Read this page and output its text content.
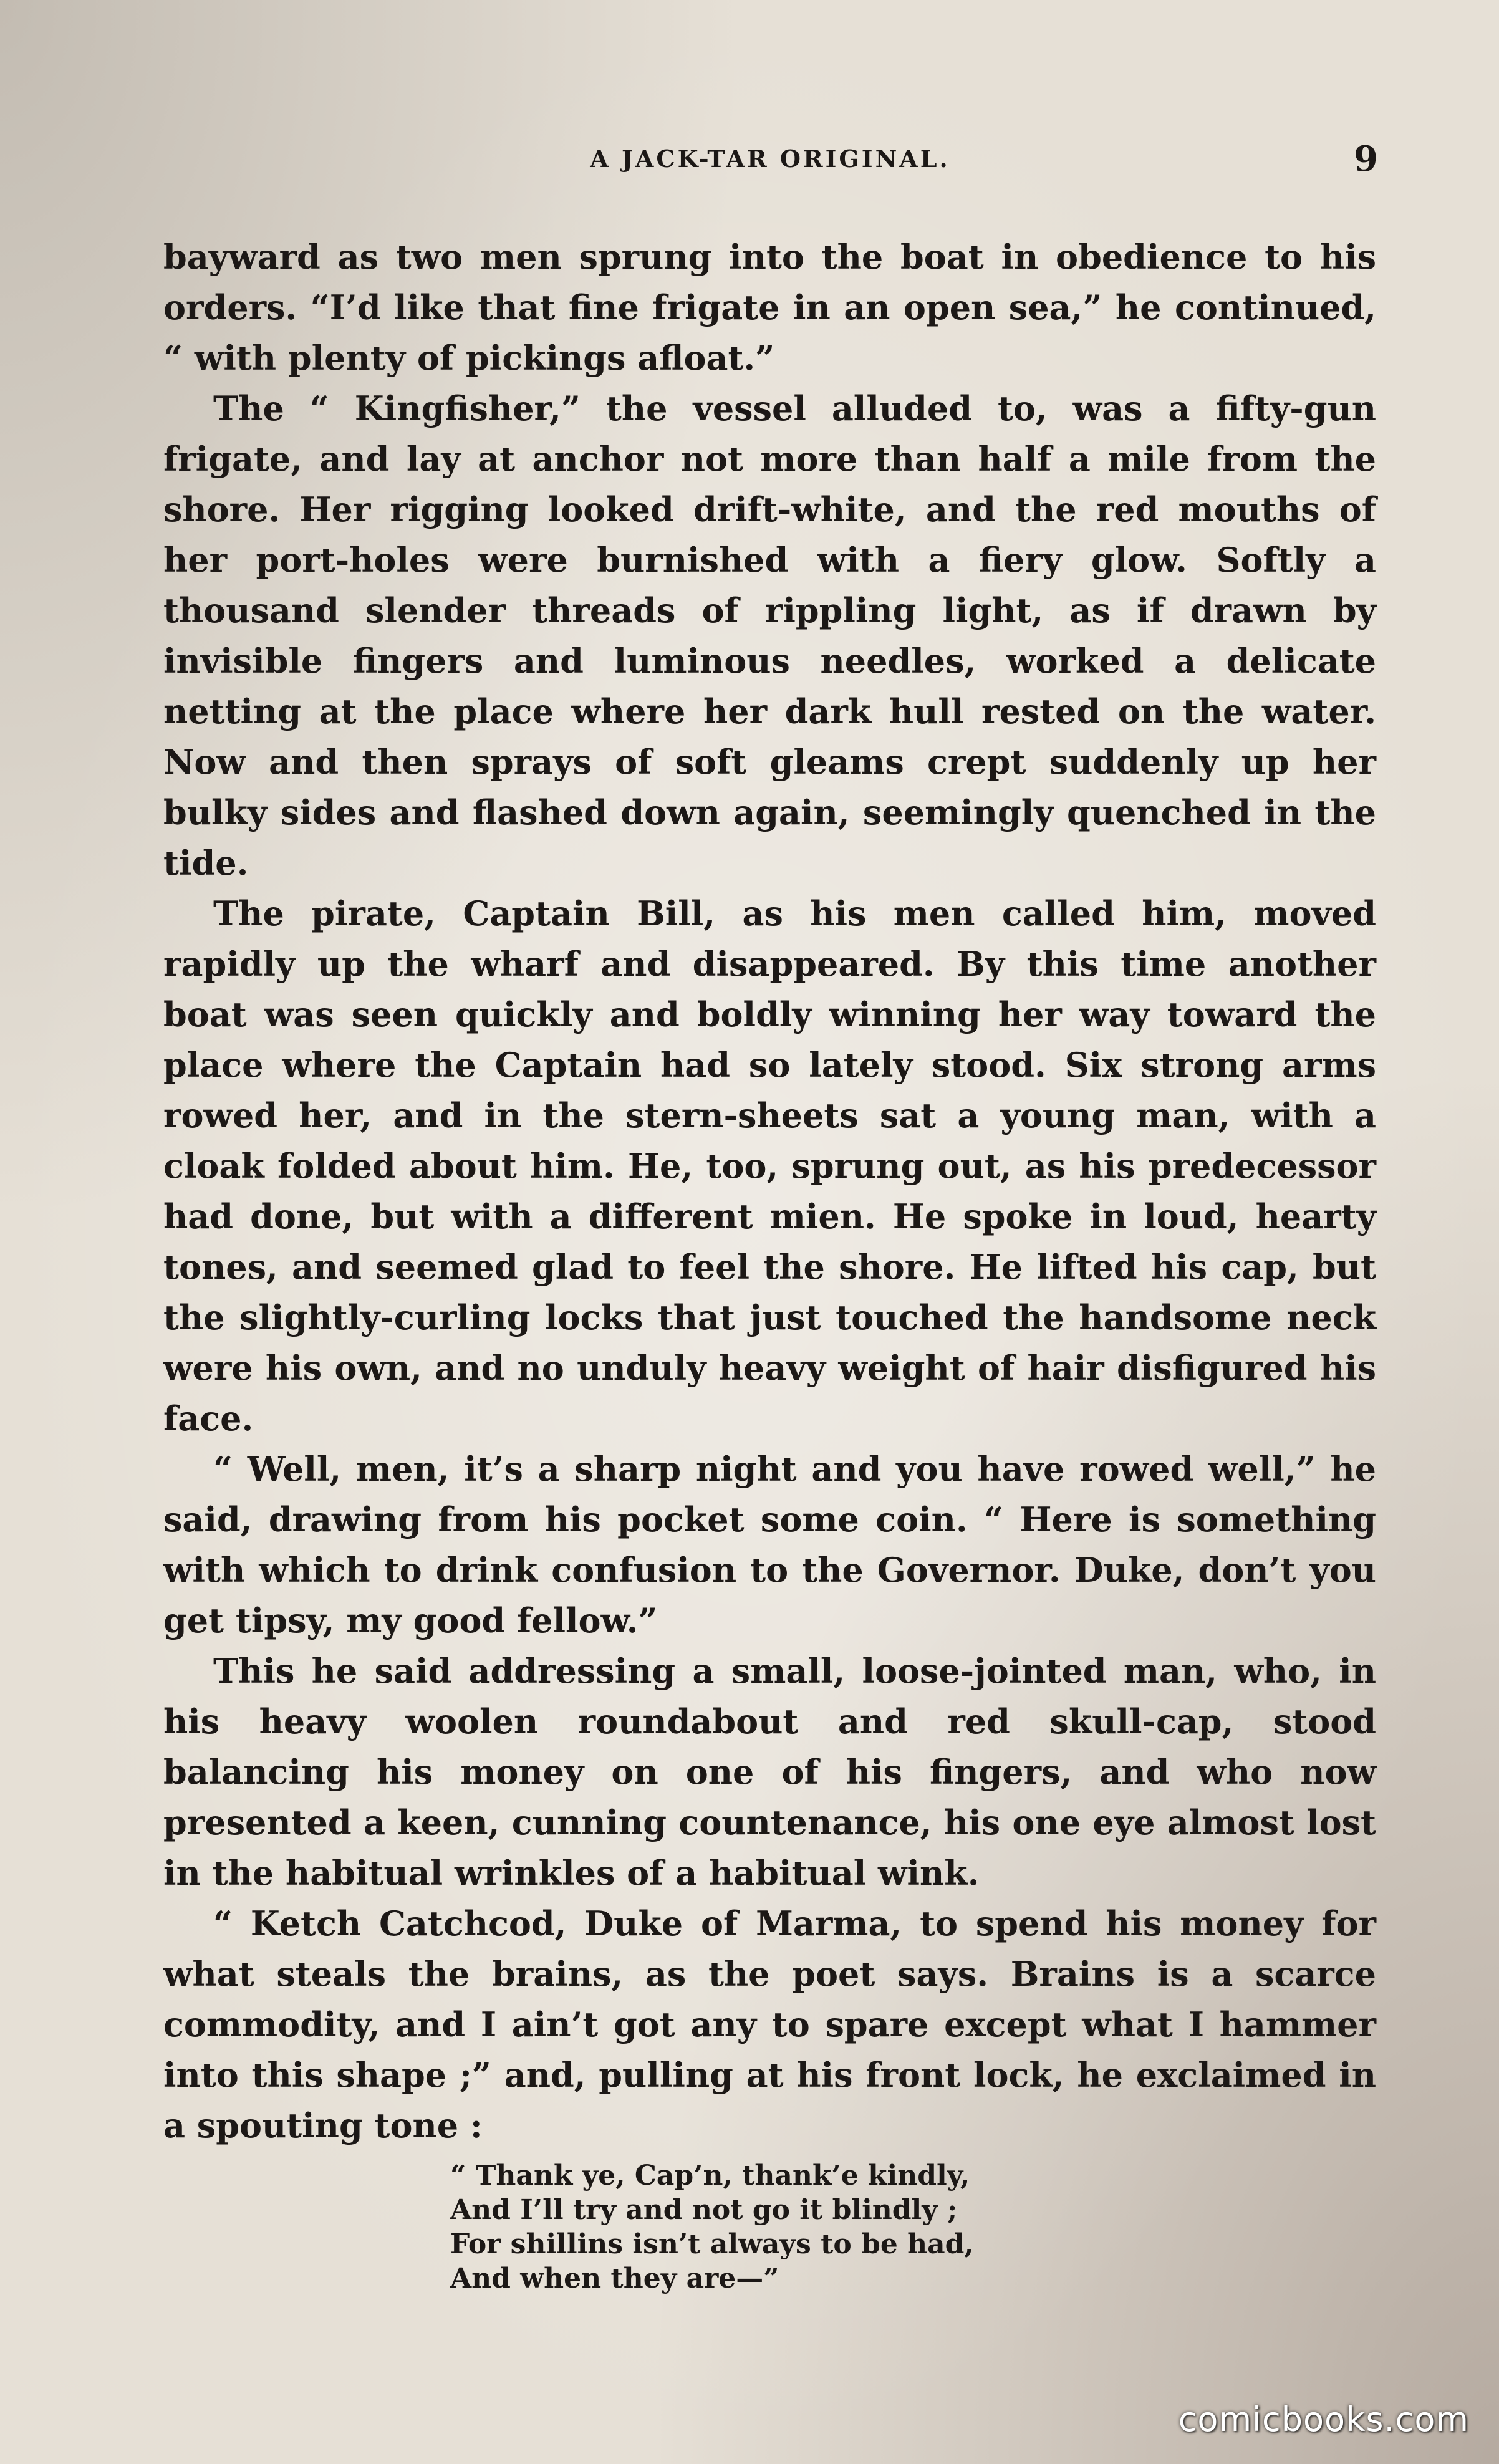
A JACK-TAR ORIGINAL.	9

bayward as two men sprung into the boat in obedience to his orders. “I’d like that fine frigate in an open sea,” he continued, “ with plenty of pickings afloat.”

The “ Kingfisher,” the vessel alluded to, was a fifty-gun frigate, and lay at anchor not more than half a mile from the shore. Her rigging looked drift-white, and the red mouths of her port-holes were burnished with a fiery glow. Softly a thousand slender threads of rippling light, as if drawn by invisible fingers and luminous needles, worked a delicate netting at the place where her dark hull rested on the water. Now and then sprays of soft gleams crept suddenly up her bulky sides and flashed down again, seemingly quenched in the tide.

The pirate, Captain Bill, as his men called him, moved rapidly up the wharf and disappeared. By this time another boat was seen quickly and boldly winning her way toward the place where the Captain had so lately stood. Six strong arms rowed her, and in the stern-sheets sat a young man, with a cloak folded about him. He, too, sprung out, as his predecessor had done, but with a different mien. He spoke in loud, hearty tones, and seemed glad to feel the shore. He lifted his cap, but the slightly-curling locks that just touched the handsome neck were his own, and no unduly heavy weight of hair disfigured his face.

“ Well, men, it’s a sharp night and you have rowed well,” he said, drawing from his pocket some coin. “ Here is something with which to drink confusion to the Governor. Duke, don’t you get tipsy, my good fellow.”

This he said addressing a small, loose-jointed man, who, in his heavy woolen roundabout and red skull-cap, stood balancing his money on one of his fingers, and who now presented a keen, cunning countenance, his one eye almost lost in the habitual wrinkles of a habitual wink.

“ Ketch Catchcod, Duke of Marma, to spend his money for what steals the brains, as the poet says. Brains is a scarce commodity, and I ain’t got any to spare except what I hammer into this shape ;” and, pulling at his front lock, he exclaimed in a spouting tone :

“ Thank ye, Cap’n, thank’e kindly,
And I’ll try and not go it blindly ;
For shillins isn’t always to be had,
And when they are—”
comicbooks.com
